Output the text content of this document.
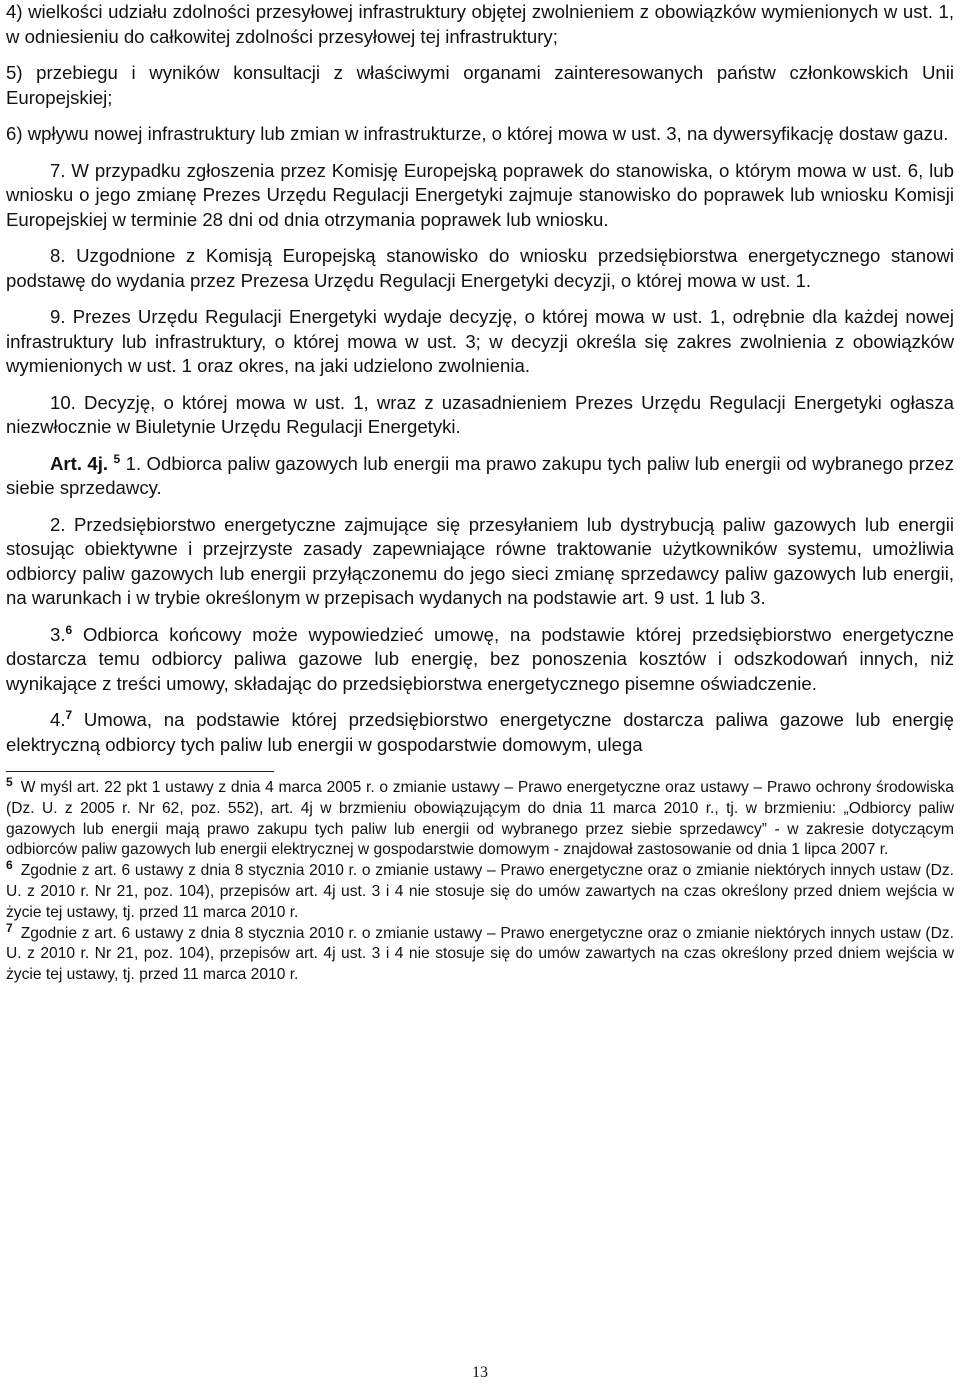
4) wielkości udziału zdolności przesyłowej infrastruktury objętej zwolnieniem z obowiązków wymienionych w ust. 1, w odniesieniu do całkowitej zdolności przesyłowej tej infrastruktury;

5) przebiegu i wyników konsultacji z właściwymi organami zainteresowanych państw członkowskich Unii Europejskiej;

6) wpływu nowej infrastruktury lub zmian w infrastrukturze, o której mowa w ust. 3, na dywersyfikację dostaw gazu.

7. W przypadku zgłoszenia przez Komisję Europejską poprawek do stanowiska, o którym mowa w ust. 6, lub wniosku o jego zmianę Prezes Urzędu Regulacji Energetyki zajmuje stanowisko do poprawek lub wniosku Komisji Europejskiej w terminie 28 dni od dnia otrzymania poprawek lub wniosku.

8. Uzgodnione z Komisją Europejską stanowisko do wniosku przedsiębiorstwa energetycznego stanowi podstawę do wydania przez Prezesa Urzędu Regulacji Energetyki decyzji, o której mowa w ust. 1.

9. Prezes Urzędu Regulacji Energetyki wydaje decyzję, o której mowa w ust. 1, odrębnie dla każdej nowej infrastruktury lub infrastruktury, o której mowa w ust. 3; w decyzji określa się zakres zwolnienia z obowiązków wymienionych w ust. 1 oraz okres, na jaki udzielono zwolnienia.

10. Decyzję, o której mowa w ust. 1, wraz z uzasadnieniem Prezes Urzędu Regulacji Energetyki ogłasza niezwłocznie w Biuletynie Urzędu Regulacji Energetyki.

Art. 4j. $^5$ 1. Odbiorca paliw gazowych lub energii ma prawo zakupu tych paliw lub energii od wybranego przez siebie sprzedawcy.

2. Przedsiębiorstwo energetyczne zajmujące się przesyłaniem lub dystrybucją paliw gazowych lub energii stosując obiektywne i przejrzyste zasady zapewniające równe traktowanie użytkowników systemu, umożliwia odbiorcy paliw gazowych lub energii przyłączonemu do jego sieci zmianę sprzedawcy paliw gazowych lub energii, na warunkach i w trybie określonym w przepisach wydanych na podstawie art. 9 ust. 1 lub 3.

3.$^6$ Odbiorca końcowy może wypowiedzieć umowę, na podstawie której przedsiębiorstwo energetyczne dostarcza temu odbiorcy paliwa gazowe lub energię, bez ponoszenia kosztów i odszkodowań innych, niż wynikające z treści umowy, składając do przedsiębiorstwa energetycznego pisemne oświadczenie.

4.$^7$ Umowa, na podstawie której przedsiębiorstwo energetyczne dostarcza paliwa gazowe lub energię elektryczną odbiorcy tych paliw lub energii w gospodarstwie domowym, ulega

$^5$ W myśl art. 22 pkt 1 ustawy z dnia 4 marca 2005 r. o zmianie ustawy – Prawo energetyczne oraz ustawy – Prawo ochrony środowiska (Dz. U. z 2005 r. Nr 62, poz. 552), art. 4j w brzmieniu obowiązującym do dnia 11 marca 2010 r., tj. w brzmieniu: „Odbiorcy paliw gazowych lub energii mają prawo zakupu tych paliw lub energii od wybranego przez siebie sprzedawcy” - w zakresie dotyczącym odbiorców paliw gazowych lub energii elektrycznej w gospodarstwie domowym - znajdował zastosowanie od dnia 1 lipca 2007 r.

$^6$ Zgodnie z art. 6 ustawy z dnia 8 stycznia 2010 r. o zmianie ustawy – Prawo energetyczne oraz o zmianie niektórych innych ustaw (Dz. U. z 2010 r. Nr 21, poz. 104), przepisów art. 4j ust. 3 i 4 nie stosuje się do umów zawartych na czas określony przed dniem wejścia w życie tej ustawy, tj. przed 11 marca 2010 r.

$^7$ Zgodnie z art. 6 ustawy z dnia 8 stycznia 2010 r. o zmianie ustawy – Prawo energetyczne oraz o zmianie niektórych innych ustaw (Dz. U. z 2010 r. Nr 21, poz. 104), przepisów art. 4j ust. 3 i 4 nie stosuje się do umów zawartych na czas określony przed dniem wejścia w życie tej ustawy, tj. przed 11 marca 2010 r.

13
